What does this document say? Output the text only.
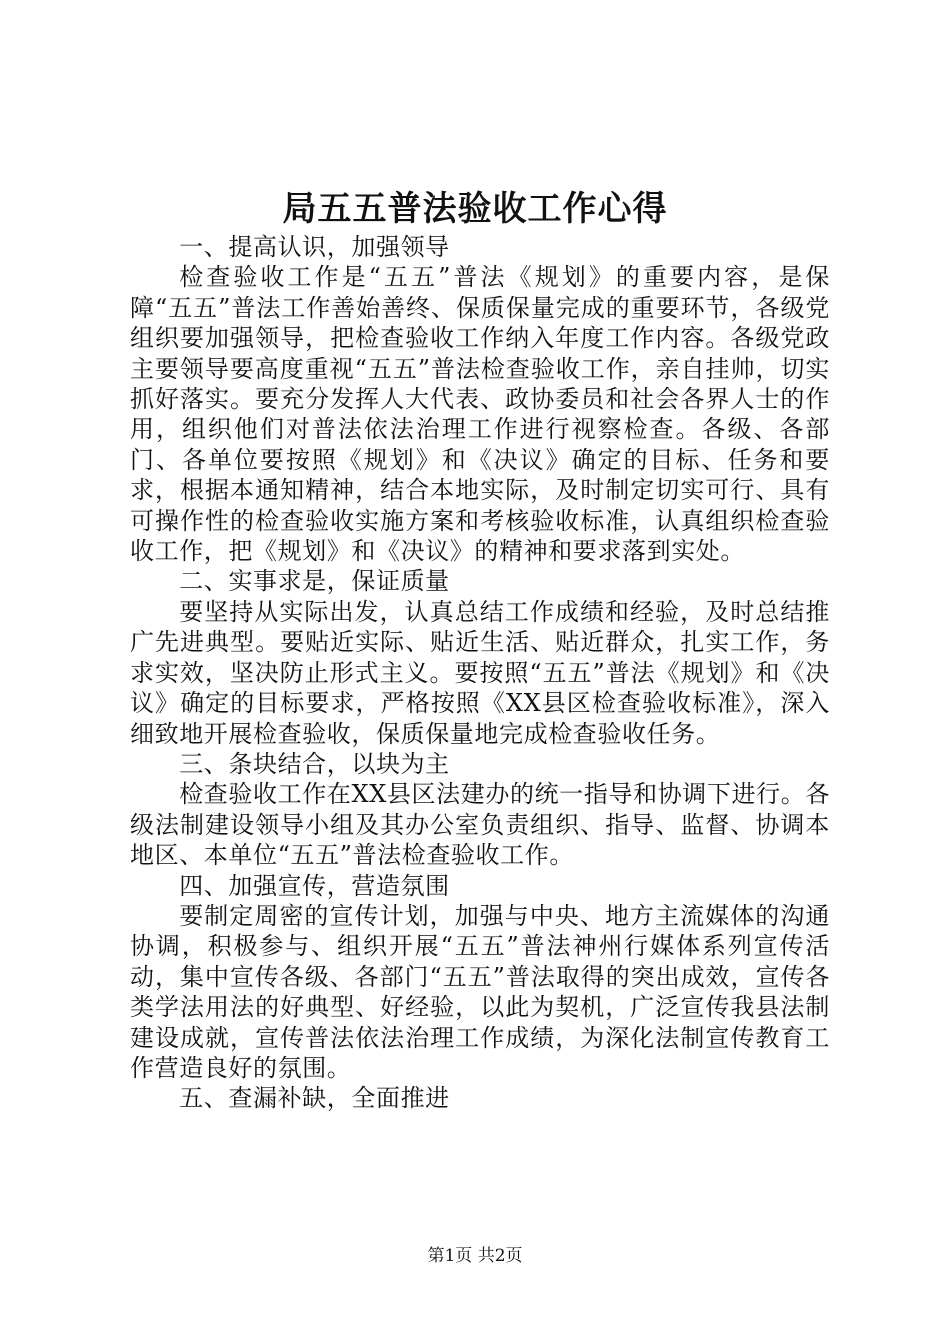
局五五普法验收工作心得

一、提高认识，加强领导

检查验收工作是“五五”普法《规划》的重要内容，是保障“五五”普法工作善始善终、保质保量完成的重要环节，各级党组织要加强领导，把检查验收工作纳入年度工作内容。各级党政主要领导要高度重视“五五”普法检查验收工作，亲自挂帅，切实抓好落实。要充分发挥人大代表、政协委员和社会各界人士的作用，组织他们对普法依法治理工作进行视察检查。各级、各部门、各单位要按照《规划》和《决议》确定的目标、任务和要求，根据本通知精神，结合本地实际，及时制定切实可行、具有可操作性的检查验收实施方案和考核验收标准，认真组织检查验收工作，把《规划》和《决议》的精神和要求落到实处。

二、实事求是，保证质量

要坚持从实际出发，认真总结工作成绩和经验，及时总结推广先进典型。要贴近实际、贴近生活、贴近群众，扎实工作，务求实效，坚决防止形式主义。要按照“五五”普法《规划》和《决议》确定的目标要求，严格按照《XX县区检查验收标准》，深入细致地开展检查验收，保质保量地完成检查验收任务。

三、条块结合，以块为主

检查验收工作在XX县区法建办的统一指导和协调下进行。各级法制建设领导小组及其办公室负责组织、指导、监督、协调本地区、本单位“五五”普法检查验收工作。

四、加强宣传，营造氛围

要制定周密的宣传计划，加强与中央、地方主流媒体的沟通协调，积极参与、组织开展“五五”普法神州行媒体系列宣传活动，集中宣传各级、各部门“五五”普法取得的突出成效，宣传各类学法用法的好典型、好经验，以此为契机，广泛宣传我县法制建设成就，宣传普法依法治理工作成绩，为深化法制宣传教育工作营造良好的氛围。

五、查漏补缺，全面推进

第1页 共2页
